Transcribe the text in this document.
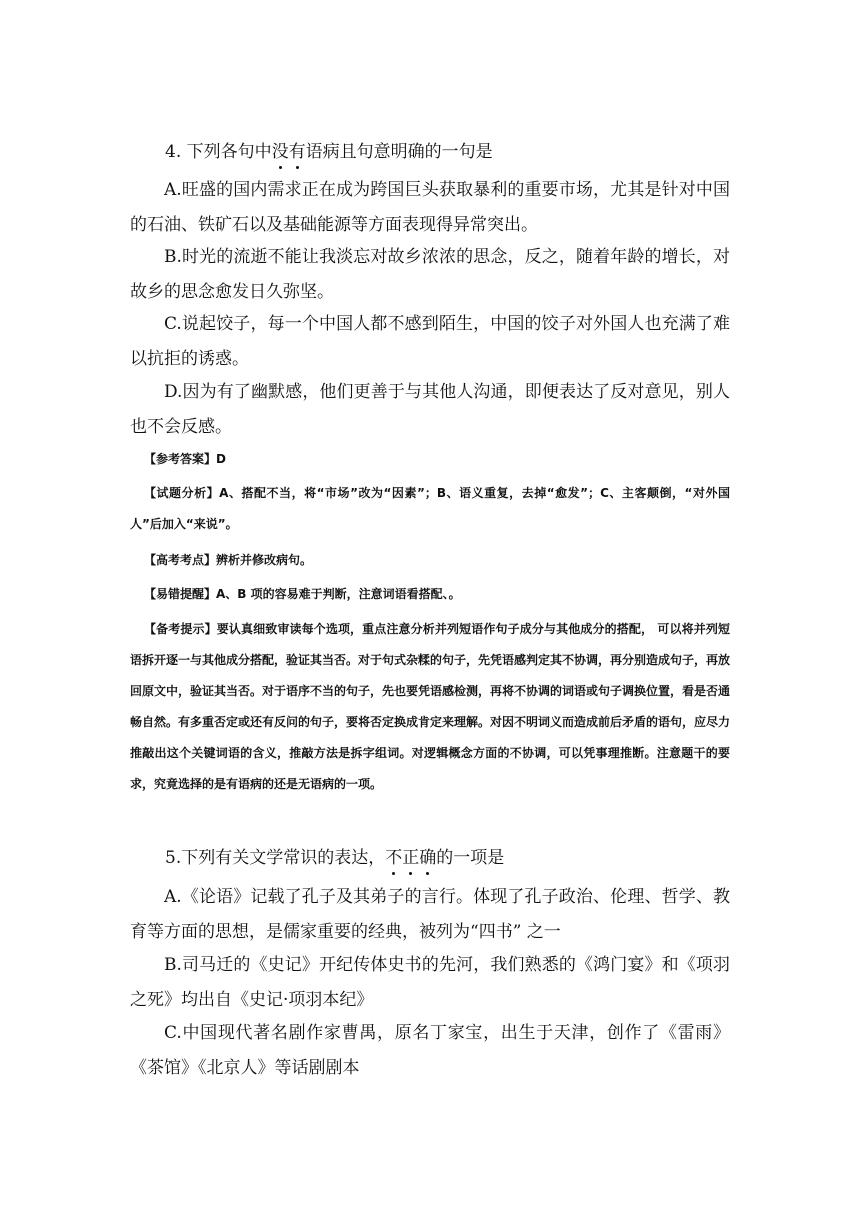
4. 下列各句中没
有
语病且句意明确的一句是
A.旺盛的国内需求正在成为跨国巨头获取暴利的重要市场，尤其是针对中国的石油、铁矿石以及基础能源等方面表现得异常突出。
B.时光的流逝不能让我淡忘对故乡浓浓的思念，反之，随着年龄的增长，对故乡的思念愈发日久弥坚。
C.说起饺子，每一个中国人都不感到陌生，中国的饺子对外国人也充满了难以抗拒的诱惑。
D.因为有了幽默感，他们更善于与其他人沟通，即便表达了反对意见，别人也不会反感。
【参考答案】D
【试题分析】A、搭配不当，将“市场”改为“因素”；B、语义重复，去掉“愈发”；C、主客颠倒，“对外国人”后加入“来说”。
【高考考点】辨析并修改病句。
【易错提醒】A、B 项的容易难于判断，注意词语看搭配、。
【备考提示】要认真细致审读每个选项，重点注意分析并列短语作句子成分与其他成分的搭配， 可以将并列短语拆开逐一与其他成分搭配，验证其当否。对于句式杂糅的句子，先凭语感判定其不协调，再分别造成句子，再放回原文中，验证其当否。对于语序不当的句子，先也要凭语感检测，再将不协调的词语或句子调换位置，看是否通畅自然。有多重否定或还有反问的句子，要将否定换成肯定来理解。对因不明词义而造成前后矛盾的语句，应尽力推敲出这个关键词语的含义，推敲方法是拆字组词。对逻辑概念方面的不协调，可以凭事理推断。注意题干的要求，究竟选择的是有语病的还是无语病的一项。
5.下列有关文学常识的表达，不
正
确
的一项是
A.《论语》记载了孔子及其弟子的言行。体现了孔子政治、伦理、哲学、教育等方面的思想，是儒家重要的经典，被列为“四书” 之一
B.司马迁的《史记》开纪传体史书的先河，我们熟悉的《鸿门宴》和《项羽之死》均出自《史记·项羽本纪》
C.中国现代著名剧作家曹禺，原名丁家宝，出生于天津，创作了《雷雨》《茶馆》《北京人》等话剧剧本
